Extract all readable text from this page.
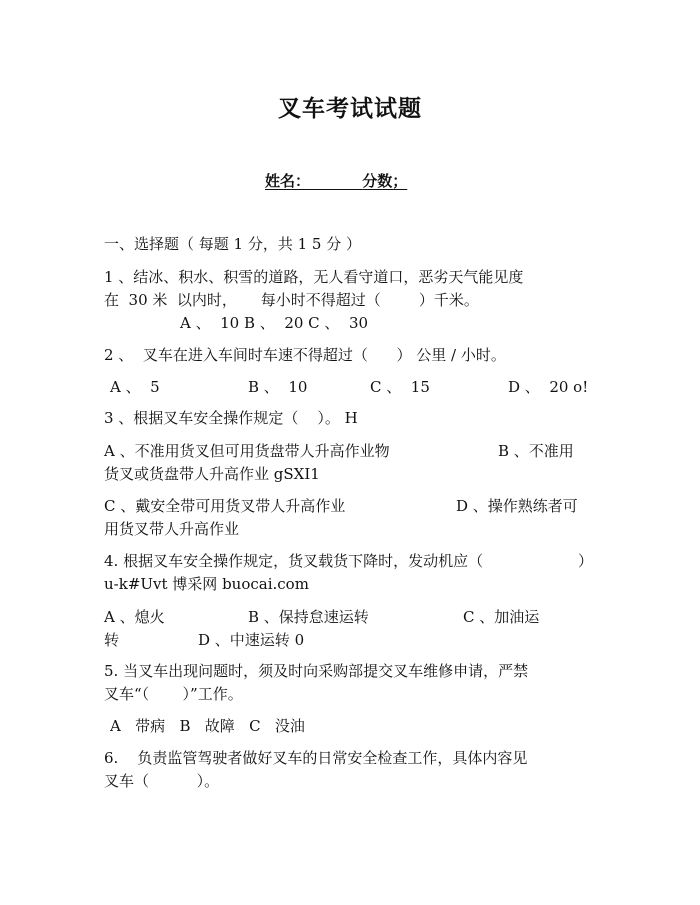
叉车考试试题
姓名：	分数；
一、选择题（ 每题 1 分，共 1 5 分 ）
1 、结冰、积水、积雪的道路，无人看守道口，恶劣天气能见度
在  30 米  以内时，     每小时不得超过（        ）千米。
A 、  10 B 、  20 C 、  30
2 、  叉车在进入车间时车速不得超过（      ） 公里 / 小时。
A 、  5	B 、  10	C 、  15	D 、  20 o!
3 、根据叉车安全操作规定（    ）。 H
A 、不准用货叉但可用货盘带人升高作业物	B 、不准用
货叉或货盘带人升高作业 gSXI1
C 、戴安全带可用货叉带人升高作业	D 、操作熟练者可
用货叉带人升高作业
4. 根据叉车安全操作规定，货叉载货下降时，发动机应（	）
u-k#Uvt 博采网 buocai.com
A 、熄火	B 、保持怠速运转	C 、加油运
转	D 、中速运转 0
5. 当叉车出现问题时，须及时向采购部提交叉车维修申请，严禁
叉车“（       ）”工作。
A   带病   B   故障   C   没油
6.    负责监管驾驶者做好叉车的日常安全检查工作，具体内容见
叉车（          ）。
